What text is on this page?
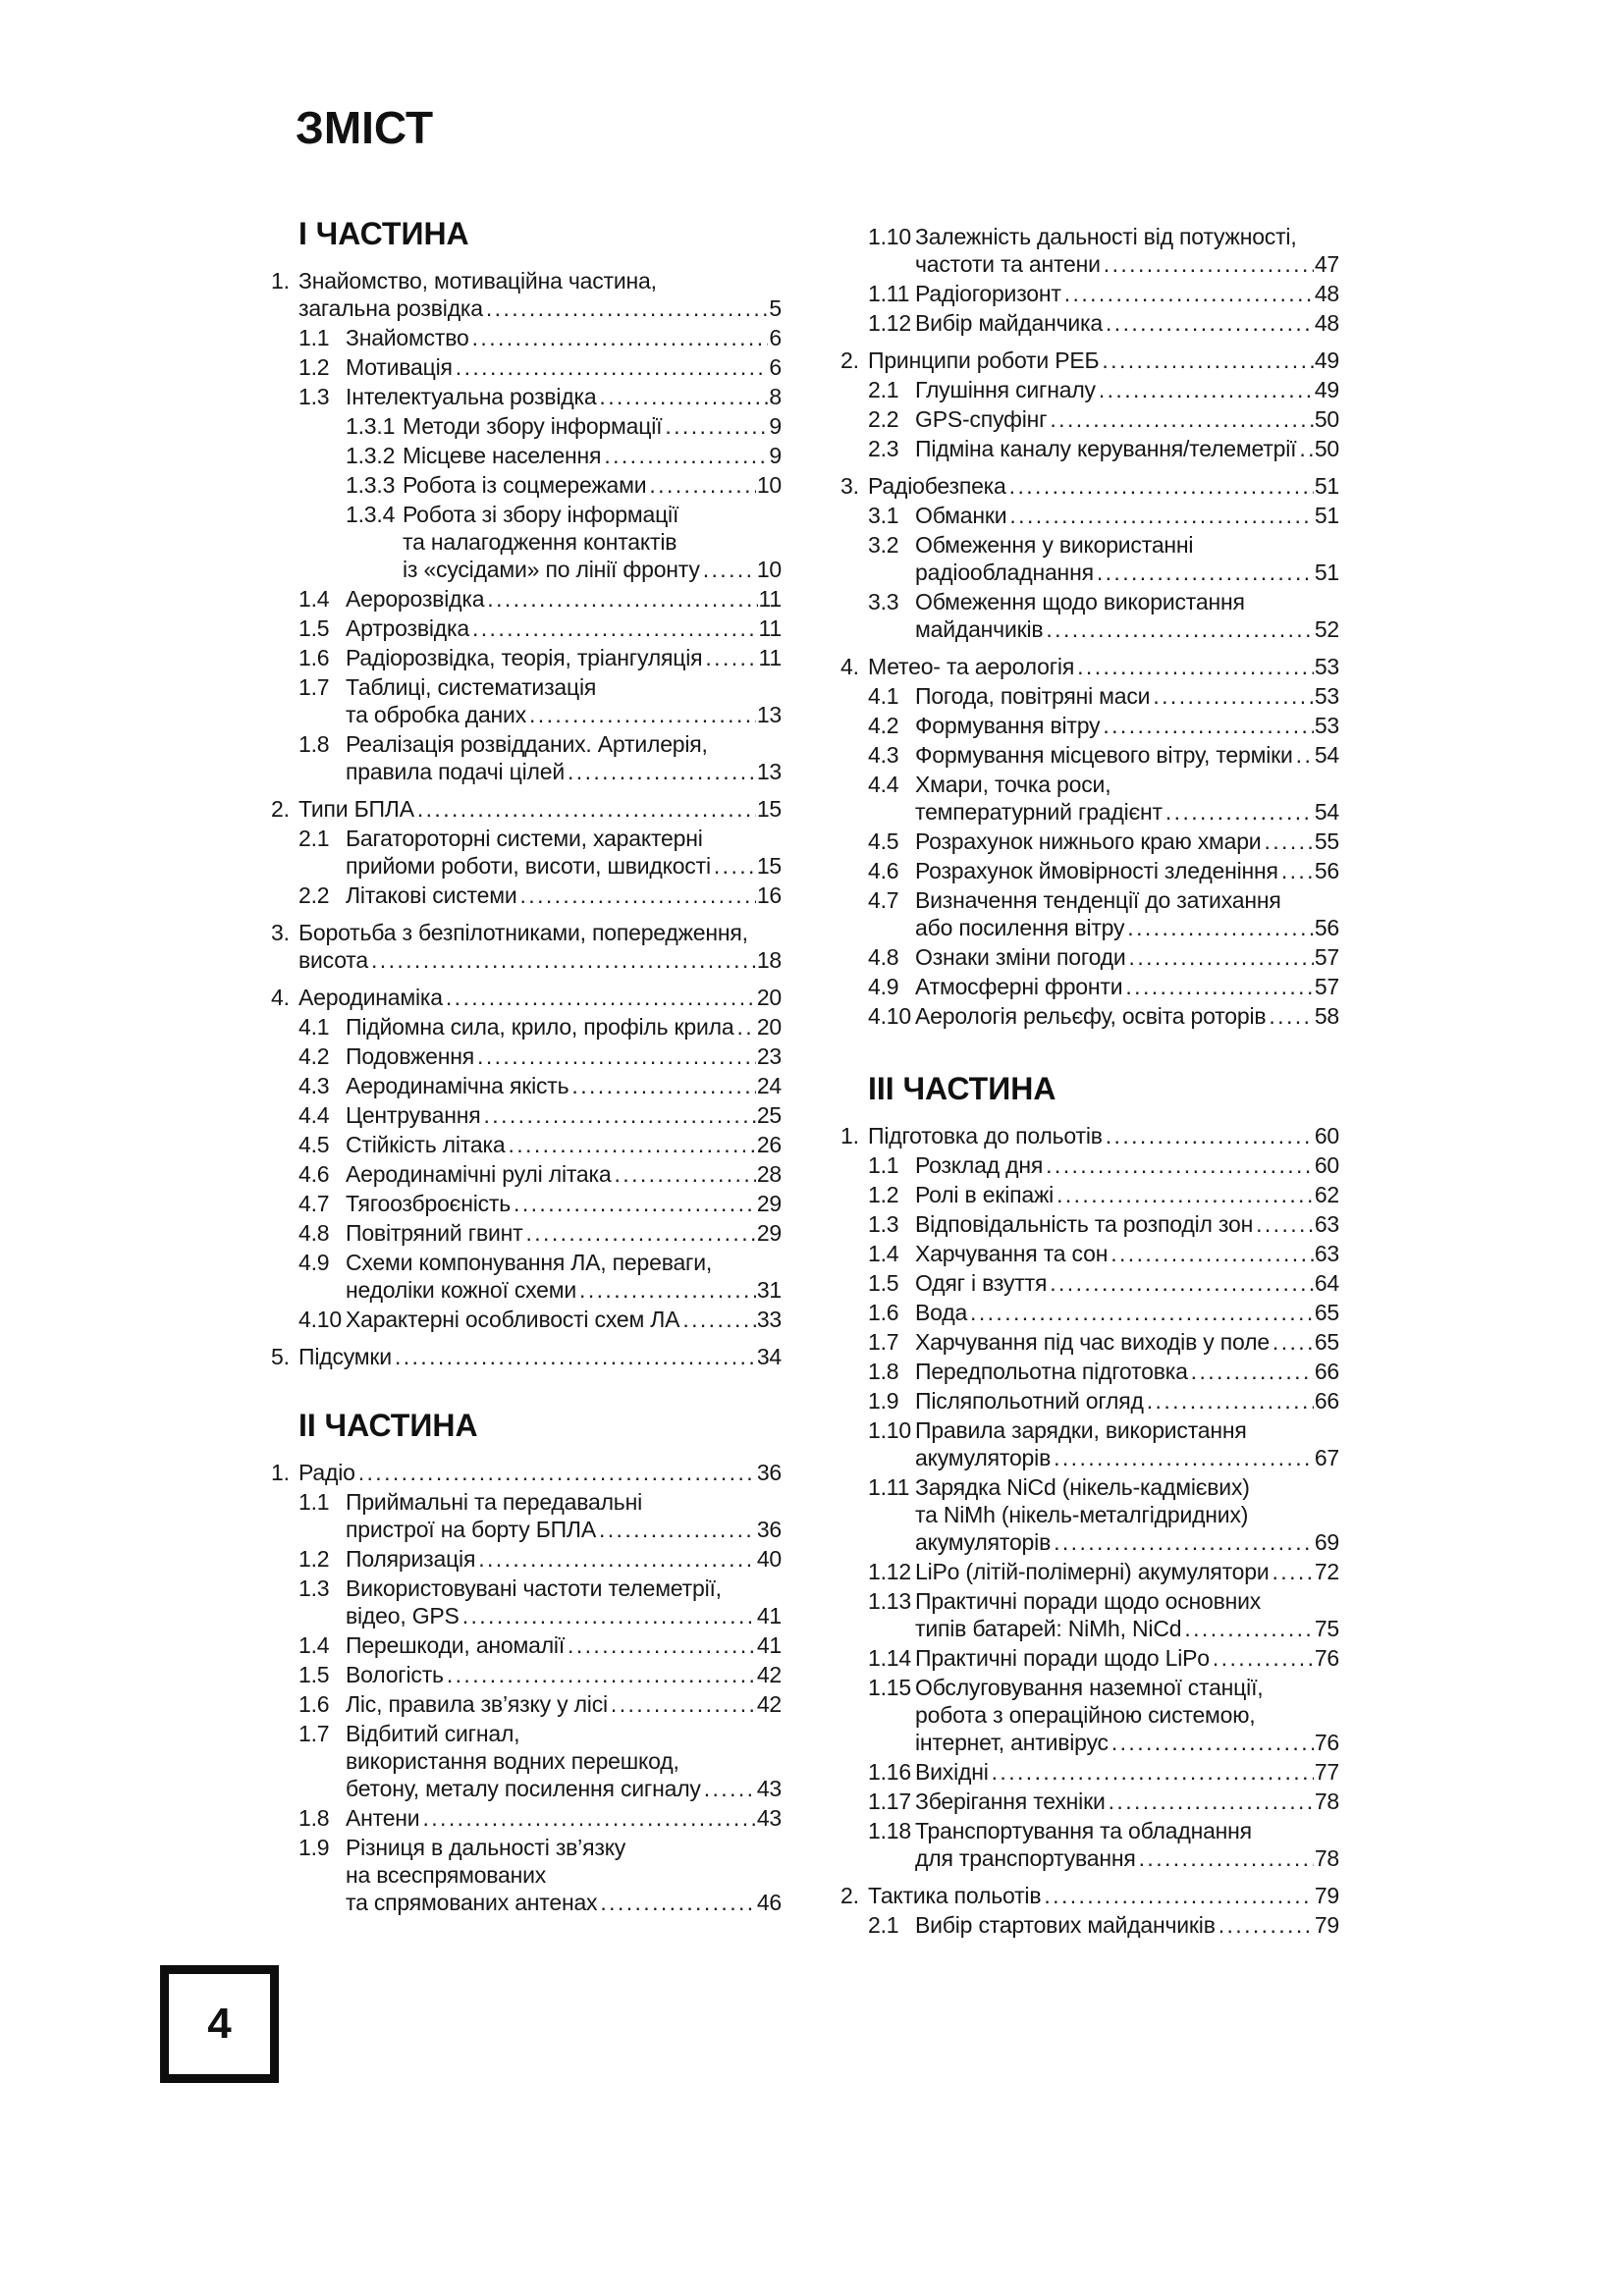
ЗМІСТ
І ЧАСТИНА
1. Знайомство, мотиваційна частина,
загальна розвідка .....	5
1.1 Знайомство .....	6
1.2 Мотивація .....	6
1.3 Інтелектуальна розвідка .....	8
1.3.1 Методи збору інформації .....	9
1.3.2 Місцеве населення .....	9
1.3.3 Робота із соцмережами .....	10
1.3.4 Робота зі збору інформації
та налагодження контактів
із «сусідами» по лінії фронту .....	10
1.4 Аеророзвідка .....	11
1.5 Артрозвідка .....	11
1.6 Радіорозвідка, теорія, тріангуляція ..... 11
1.7 Таблиці, систематизація
та обробка даних .....	13
1.8 Реалізація розвідданих. Артилерія,
правила подачі цілей .....	13
2. Типи БПЛА .....	15
2.1 Багатороторні системи, характерні
прийоми роботи, висоти, швидкості ..... 15
2.2 Літакові системи .....	16
3. Боротьба з безпілотниками, попередження,
висота .....	18
4. Аеродинаміка .....	20
4.1 Підйомна сила, крило, профіль крила ..... 20
4.2 Подовження .....	23
4.3 Аеродинамічна якість .....	24
4.4 Центрування .....	25
4.5 Стійкість літака .....	26
4.6 Аеродинамічні рулі літака .....	28
4.7 Тягоозброєність .....	29
4.8 Повітряний гвинт .....	29
4.9 Схеми компонування ЛА, переваги,
недоліки кожної схеми .....	31
4.10 Характерні особливості схем ЛА .....	33
5. Підсумки .....	34
ІІ ЧАСТИНА
1. Радіо .....	36
1.1 Приймальні та передавальні
пристрої на борту БПЛА .....	36
1.2 Поляризація .....	40
1.3 Використовувані частоти телеметрії,
відео, GPS .....	41
1.4 Перешкоди, аномалії .....	41
1.5 Вологість .....	42
1.6 Ліс, правила зв’язку у лісі .....	42
1.7 Відбитий сигнал,
використання водних перешкод,
бетону, металу посилення сигналу ..... 43
1.8 Антени .....	43
1.9 Різниця в дальності зв’язку
на всеспрямованих
та спрямованих антенах .....	46
1.10 Залежність дальності від потужності,
частоти та антени .....	47
1.11 Радіогоризонт .....	48
1.12 Вибір майданчика .....	48
2. Принципи роботи РЕБ .....	49
2.1 Глушіння сигналу .....	49
2.2 GPS-спуфінг .....	50
2.3 Підміна каналу керування/телеметрії ..... 50
3. Радіобезпека .....	51
3.1 Обманки .....	51
3.2 Обмеження у використанні
радіообладнання .....	51
3.3 Обмеження щодо використання
майданчиків .....	52
4. Метео- та аерологія .....	53
4.1 Погода, повітряні маси .....	53
4.2 Формування вітру .....	53
4.3 Формування місцевого вітру, терміки ..... 54
4.4 Хмари, точка роси,
температурний градієнт .....	54
4.5 Розрахунок нижнього краю хмари ..... 55
4.6 Розрахунок ймовірності зледеніння ..... 56
4.7 Визначення тенденції до затихання
або посилення вітру .....	56
4.8 Ознаки зміни погоди .....	57
4.9 Атмосферні фронти .....	57
4.10 Аерологія рельєфу, освіта роторів ..... 58
ІІІ ЧАСТИНА
1. Підготовка до польотів .....	60
1.1 Розклад дня .....	60
1.2 Ролі в екіпажі .....	62
1.3 Відповідальність та розподіл зон .....	63
1.4 Харчування та сон .....	63
1.5 Одяг і взуття .....	64
1.6 Вода .....	65
1.7 Харчування під час виходів у поле ..... 65
1.8 Передпольотна підготовка .....	66
1.9 Післяпольотний огляд .....	66
1.10 Правила зарядки, використання
акумуляторів .....	67
1.11 Зарядка NiCd (нікель-кадмієвих)
та NiMh (нікель-металгідридних)
акумуляторів .....	69
1.12 LiPo (літій-полімерні) акумулятори ..... 72
1.13 Практичні поради щодо основних
типів батарей: NiMh, NiCd .....	75
1.14 Практичні поради щодо LiPo .....	76
1.15 Обслуговування наземної станції,
робота з операційною системою,
інтернет, антивірус .....	76
1.16 Вихідні .....	77
1.17 Зберігання техніки .....	78
1.18 Транспортування та обладнання
для транспортування .....	78
2. Тактика польотів .....	79
2.1 Вибір стартових майданчиків .....	79
4
